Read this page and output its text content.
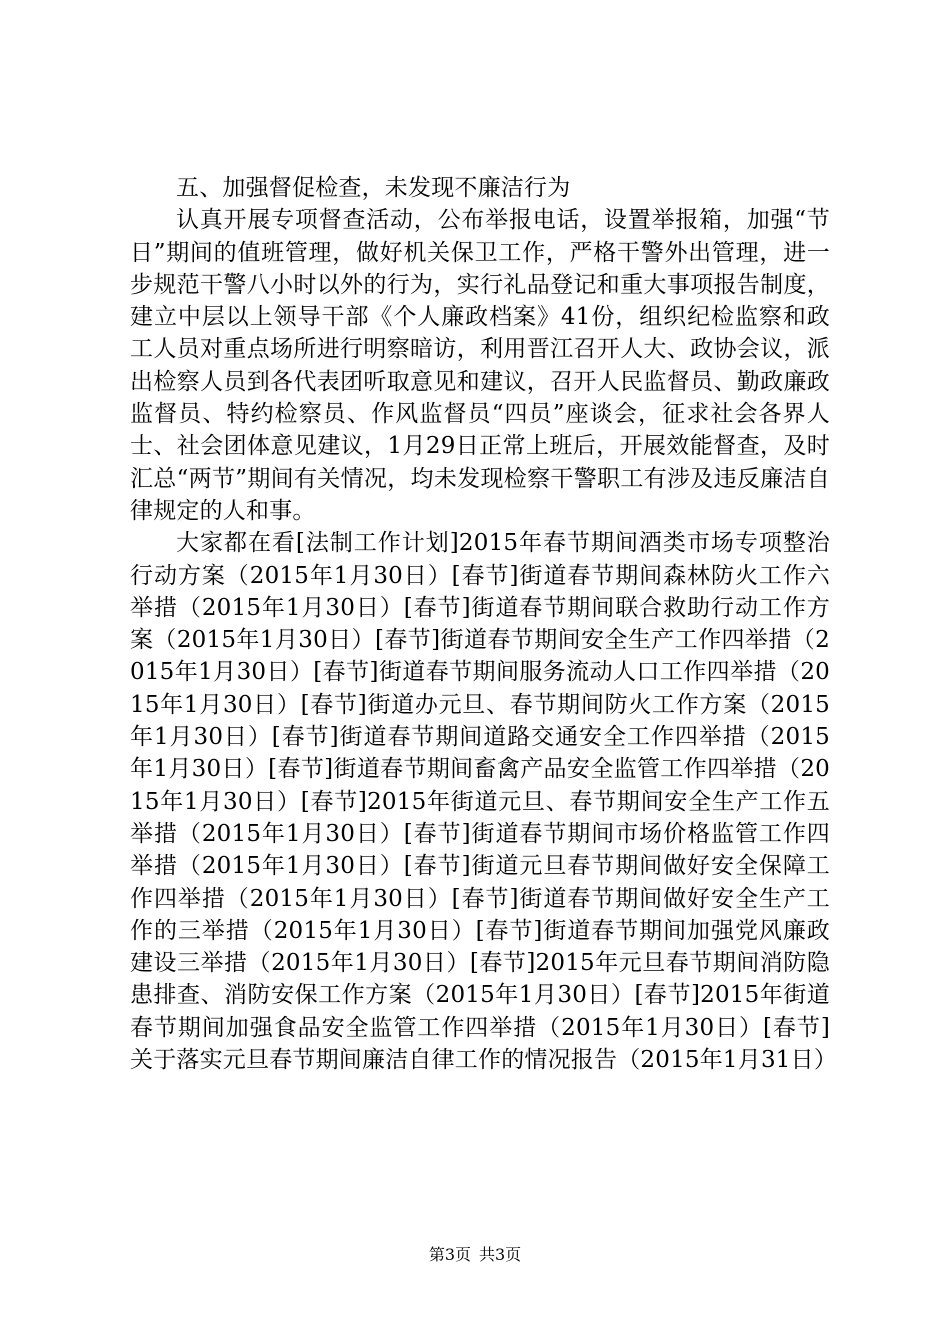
五、加强督促检查，未发现不廉洁行为

认真开展专项督查活动，公布举报电话，设置举报箱，加强“节日”期间的值班管理，做好机关保卫工作，严格干警外出管理，进一步规范干警八小时以外的行为，实行礼品登记和重大事项报告制度，建立中层以上领导干部《个人廉政档案》41份，组织纪检监察和政工人员对重点场所进行明察暗访，利用晋江召开人大、政协会议，派出检察人员到各代表团听取意见和建议，召开人民监督员、勤政廉政监督员、特约检察员、作风监督员“四员”座谈会，征求社会各界人士、社会团体意见建议，1月29日正常上班后，开展效能督查，及时汇总“两节”期间有关情况，均未发现检察干警职工有涉及违反廉洁自律规定的人和事。

大家都在看[法制工作计划]2015年春节期间酒类市场专项整治行动方案（2015年1月30日）[春节]街道春节期间森林防火工作六举措（2015年1月30日）[春节]街道春节期间联合救助行动工作方案（2015年1月30日）[春节]街道春节期间安全生产工作四举措（2015年1月30日）[春节]街道春节期间服务流动人口工作四举措（2015年1月30日）[春节]街道办元旦、春节期间防火工作方案（2015年1月30日）[春节]街道春节期间道路交通安全工作四举措（2015年1月30日）[春节]街道春节期间畜禽产品安全监管工作四举措（2015年1月30日）[春节]2015年街道元旦、春节期间安全生产工作五举措（2015年1月30日）[春节]街道春节期间市场价格监管工作四举措（2015年1月30日）[春节]街道元旦春节期间做好安全保障工作四举措（2015年1月30日）[春节]街道春节期间做好安全生产工作的三举措（2015年1月30日）[春节]街道春节期间加强党风廉政建设三举措（2015年1月30日）[春节]2015年元旦春节期间消防隐患排查、消防安保工作方案（2015年1月30日）[春节]2015年街道春节期间加强食品安全监管工作四举措（2015年1月30日）[春节]关于落实元旦春节期间廉洁自律工作的情况报告（2015年1月31日）

第3页 共3页
